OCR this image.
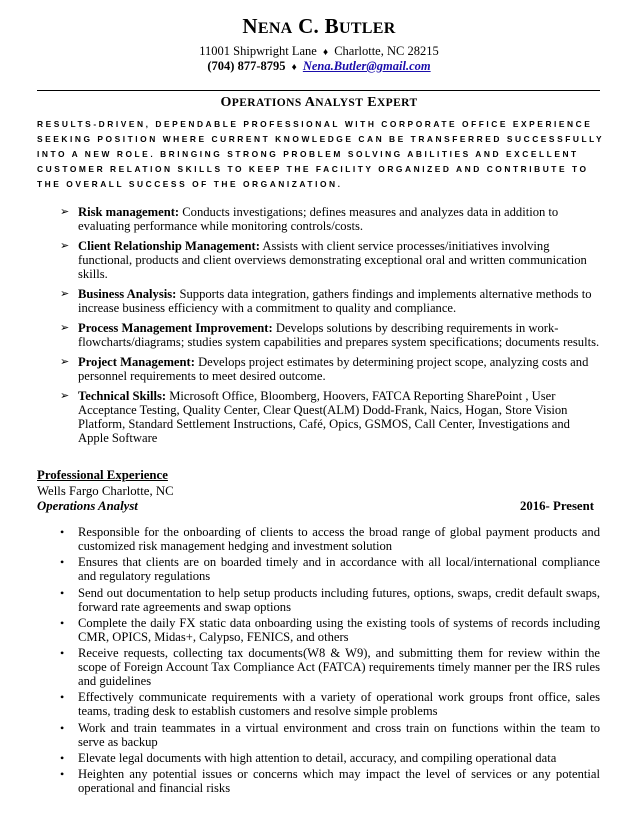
NENA C. BUTLER
11001 Shipwright Lane ♦ Charlotte, NC 28215
(704) 877-8795 ♦ Nena.Butler@gmail.com
OPERATIONS ANALYST EXPERT
RESULTS-DRIVEN, DEPENDABLE PROFESSIONAL WITH CORPORATE OFFICE EXPERIENCE
SEEKING POSITION WHERE CURRENT KNOWLEDGE CAN BE TRANSFERRED SUCCESSFULLY
INTO A NEW ROLE. BRINGING STRONG PROBLEM SOLVING ABILITIES AND EXCELLENT
CUSTOMER RELATION SKILLS TO KEEP THE FACILITY ORGANIZED AND CONTRIBUTE TO
THE OVERALL SUCCESS OF THE ORGANIZATION.
➢ Risk management: Conducts investigations; defines measures and analyzes data in addition to evaluating performance while monitoring controls/costs.
➢ Client Relationship Management: Assists with client service processes/initiatives involving functional, products and client overviews demonstrating exceptional oral and written communication skills.
➢ Business Analysis: Supports data integration, gathers findings and implements alternative methods to increase business efficiency with a commitment to quality and compliance.
➢ Process Management Improvement: Develops solutions by describing requirements in work-flowcharts/diagrams; studies system capabilities and prepares system specifications; documents results.
➢ Project Management: Develops project estimates by determining project scope, analyzing costs and personnel requirements to meet desired outcome.
➢ Technical Skills: Microsoft Office, Bloomberg, Hoovers, FATCA Reporting SharePoint , User Acceptance Testing, Quality Center, Clear Quest(ALM) Dodd-Frank, Naics, Hogan, Store Vision Platform, Standard Settlement Instructions, Café, Opics, GSMOS, Call Center, Investigations and Apple Software
Professional Experience
Wells Fargo Charlotte, NC
Operations Analyst	2016- Present
• Responsible for the onboarding of clients to access the broad range of global payment products and customized risk management hedging and investment solution
• Ensures that clients are on boarded timely and in accordance with all local/international compliance and regulatory regulations
• Send out documentation to help setup products including futures, options, swaps, credit default swaps, forward rate agreements and swap options
• Complete the daily FX static data onboarding using the existing tools of systems of records including CMR, OPICS, Midas+, Calypso, FENICS, and others
• Receive requests, collecting tax documents(W8 & W9), and submitting them for review within the scope of Foreign Account Tax Compliance Act (FATCA) requirements timely manner per the IRS rules and guidelines
• Effectively communicate requirements with a variety of operational work groups front office, sales teams, trading desk to establish customers and resolve simple problems
• Work and train teammates in a virtual environment and cross train on functions within the team to serve as backup
• Elevate legal documents with high attention to detail, accuracy, and compiling operational data
• Heighten any potential issues or concerns which may impact the level of services or any potential operational and financial risks
